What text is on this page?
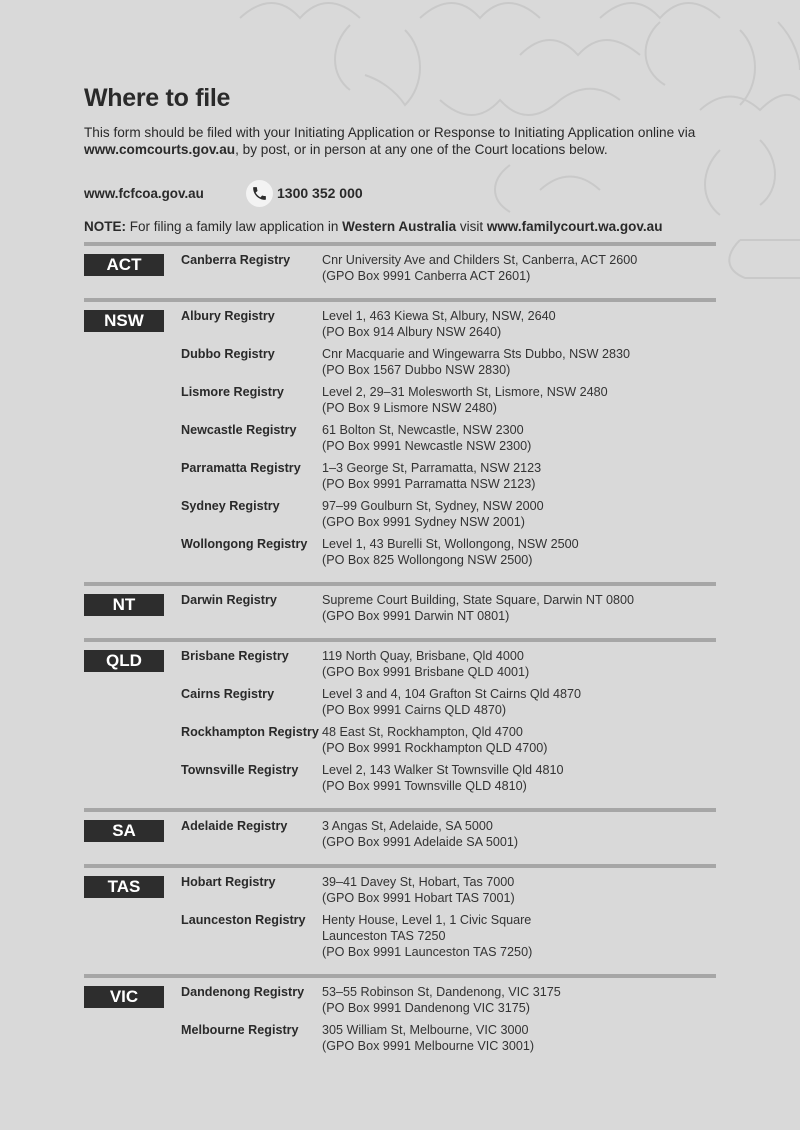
Where to file

This form should be filed with your Initiating Application or Response to Initiating Application online via www.comcourts.gov.au, by post, or in person at any one of the Court locations below.

www.fcfcoa.gov.au	1300 352 000

NOTE: For filing a family law application in Western Australia visit www.familycourt.wa.gov.au

ACT	Canberra Registry	Cnr University Ave and Childers St, Canberra, ACT 2600
(GPO Box 9991 Canberra ACT 2601)
NSW	Albury Registry	Level 1, 463 Kiewa St, Albury, NSW, 2640
(PO Box 914 Albury NSW 2640)
Dubbo Registry	Cnr Macquarie and Wingewarra Sts Dubbo, NSW 2830
(PO Box 1567 Dubbo NSW 2830)
Lismore Registry	Level 2, 29–31 Molesworth St, Lismore, NSW 2480
(PO Box 9 Lismore NSW 2480)
Newcastle Registry	61 Bolton St, Newcastle, NSW 2300
(PO Box 9991 Newcastle NSW 2300)
Parramatta Registry	1–3 George St, Parramatta, NSW 2123
(PO Box 9991 Parramatta NSW 2123)
Sydney Registry	97–99 Goulburn St, Sydney, NSW 2000
(GPO Box 9991 Sydney NSW 2001)
Wollongong Registry	Level 1, 43 Burelli St, Wollongong, NSW 2500
(PO Box 825 Wollongong NSW 2500)
NT	Darwin Registry	Supreme Court Building, State Square, Darwin NT 0800
(GPO Box 9991 Darwin NT 0801)
QLD	Brisbane Registry	119 North Quay, Brisbane, Qld 4000
(GPO Box 9991 Brisbane QLD 4001)
Cairns Registry	Level 3 and 4, 104 Grafton St Cairns Qld 4870
(PO Box 9991 Cairns QLD 4870)
Rockhampton Registry 48 East St, Rockhampton, Qld 4700
(PO Box 9991 Rockhampton QLD 4700)
Townsville Registry	Level 2, 143 Walker St Townsville Qld 4810
(PO Box 9991 Townsville QLD 4810)
SA	Adelaide Registry	3 Angas St, Adelaide, SA 5000
(GPO Box 9991 Adelaide SA 5001)
TAS	Hobart Registry	39–41 Davey St, Hobart, Tas 7000
(GPO Box 9991 Hobart TAS 7001)
Launceston Registry	Henty House, Level 1, 1 Civic Square
Launceston TAS 7250
(PO Box 9991 Launceston TAS 7250)
VIC	Dandenong Registry	53–55 Robinson St, Dandenong, VIC 3175
(PO Box 9991 Dandenong VIC 3175)
Melbourne Registry	305 William St, Melbourne, VIC 3000
(GPO Box 9991 Melbourne VIC 3001)
